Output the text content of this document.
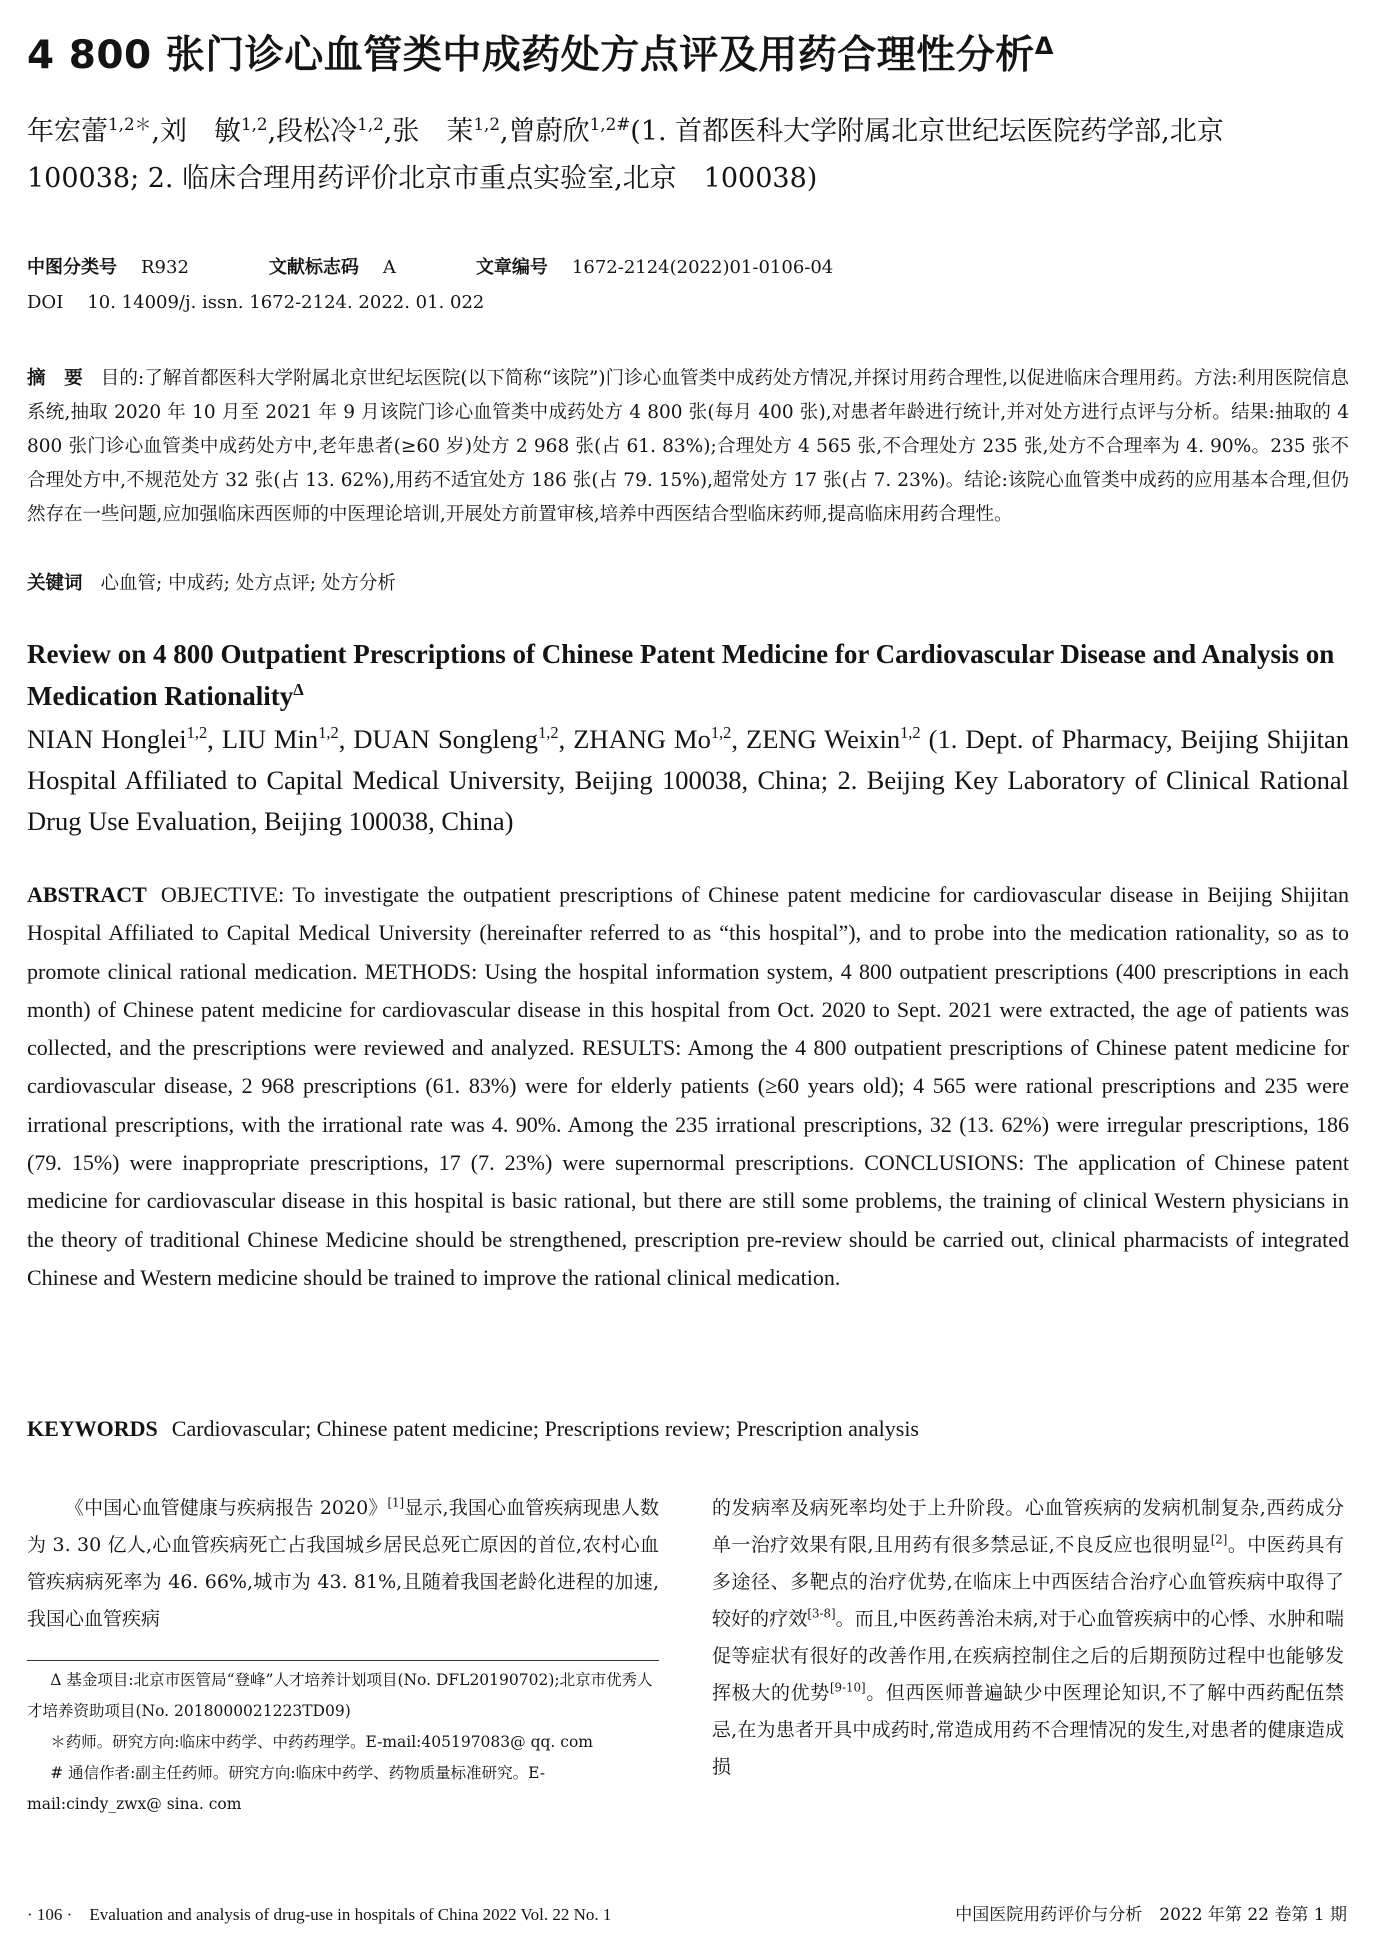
4 800 张门诊心血管类中成药处方点评及用药合理性分析$^\Delta$

年宏蕾$^{1,2*}$,刘　敏$^{1,2}$,段松冷$^{1,2}$,张　茉$^{1,2}$,曾蔚欣$^{1,2\#}$(1. 首都医科大学附属北京世纪坛医院药学部,北京　100038; 2. 临床合理用药评价北京市重点实验室,北京　100038)

中图分类号 R932	文献标志码 A	文章编号 1672-2124(2022)01-0106-04
DOI 10. 14009/j. issn. 1672-2124. 2022. 01. 022

摘　要 目的:了解首都医科大学附属北京世纪坛医院(以下简称“该院”)门诊心血管类中成药处方情况,并探讨用药合理性,以促进临床合理用药。方法:利用医院信息系统,抽取 2020 年 10 月至 2021 年 9 月该院门诊心血管类中成药处方 4 800 张(每月 400 张),对患者年龄进行统计,并对处方进行点评与分析。结果:抽取的 4 800 张门诊心血管类中成药处方中,老年患者(≥60 岁)处方 2 968 张(占 61. 83%);合理处方 4 565 张,不合理处方 235 张,处方不合理率为 4. 90%。235 张不合理处方中,不规范处方 32 张(占 13. 62%),用药不适宜处方 186 张(占 79. 15%),超常处方 17 张(占 7. 23%)。结论:该院心血管类中成药的应用基本合理,但仍然存在一些问题,应加强临床西医师的中医理论培训,开展处方前置审核,培养中西医结合型临床药师,提高临床用药合理性。

关键词 心血管; 中成药; 处方点评; 处方分析

Review on 4 800 Outpatient Prescriptions of Chinese Patent Medicine for Cardiovascular Disease and Analysis on Medication Rationality$^\Delta$

NIAN Honglei$^{1,2}$, LIU Min$^{1,2}$, DUAN Songleng$^{1,2}$, ZHANG Mo$^{1,2}$, ZENG Weixin$^{1,2}$ (1. Dept. of Pharmacy, Beijing Shijitan Hospital Affiliated to Capital Medical University, Beijing 100038, China; 2. Beijing Key Laboratory of Clinical Rational Drug Use Evaluation, Beijing 100038, China)

ABSTRACT OBJECTIVE: To investigate the outpatient prescriptions of Chinese patent medicine for cardiovascular disease in Beijing Shijitan Hospital Affiliated to Capital Medical University (hereinafter referred to as “this hospital”), and to probe into the medication rationality, so as to promote clinical rational medication. METHODS: Using the hospital information system, 4 800 outpatient prescriptions (400 prescriptions in each month) of Chinese patent medicine for cardiovascular disease in this hospital from Oct. 2020 to Sept. 2021 were extracted, the age of patients was collected, and the prescriptions were reviewed and analyzed. RESULTS: Among the 4 800 outpatient prescriptions of Chinese patent medicine for cardiovascular disease, 2 968 prescriptions (61. 83%) were for elderly patients (≥60 years old); 4 565 were rational prescriptions and 235 were irrational prescriptions, with the irrational rate was 4. 90%. Among the 235 irrational prescriptions, 32 (13. 62%) were irregular prescriptions, 186 (79. 15%) were inappropriate prescriptions, 17 (7. 23%) were supernormal prescriptions. CONCLUSIONS: The application of Chinese patent medicine for cardiovascular disease in this hospital is basic rational, but there are still some problems, the training of clinical Western physicians in the theory of traditional Chinese Medicine should be strengthened, prescription pre-review should be carried out, clinical pharmacists of integrated Chinese and Western medicine should be trained to improve the rational clinical medication.

KEYWORDS Cardiovascular; Chinese patent medicine; Prescriptions review; Prescription analysis

《中国心血管健康与疾病报告 2020》[1]显示,我国心血管疾病现患人数为 3. 30 亿人,心血管疾病死亡占我国城乡居民总死亡原因的首位,农村心血管疾病病死率为 46. 66%,城市为 43. 81%,且随着我国老龄化进程的加速,我国心血管疾病

Δ 基金项目:北京市医管局“登峰”人才培养计划项目(No. DFL20190702);北京市优秀人才培养资助项目(No. 2018000021223TD09)

＊药师。研究方向:临床中药学、中药药理学。E-mail:405197083@ qq. com

# 通信作者:副主任药师。研究方向:临床中药学、药物质量标准研究。E-mail:cindy_zwx@ sina. com

的发病率及病死率均处于上升阶段。心血管疾病的发病机制复杂,西药成分单一治疗效果有限,且用药有很多禁忌证,不良反应也很明显[2]。中医药具有多途径、多靶点的治疗优势,在临床上中西医结合治疗心血管疾病中取得了较好的疗效[3-8]。而且,中医药善治未病,对于心血管疾病中的心悸、水肿和喘促等症状有很好的改善作用,在疾病控制住之后的后期预防过程中也能够发挥极大的优势[9-10]。但西医师普遍缺少中医理论知识,不了解中西药配伍禁忌,在为患者开具中成药时,常造成用药不合理情况的发生,对患者的健康造成损

· 106 ·　Evaluation and analysis of drug-use in hospitals of China 2022 Vol. 22 No. 1	中国医院用药评价与分析　2022 年第 22 卷第 1 期
